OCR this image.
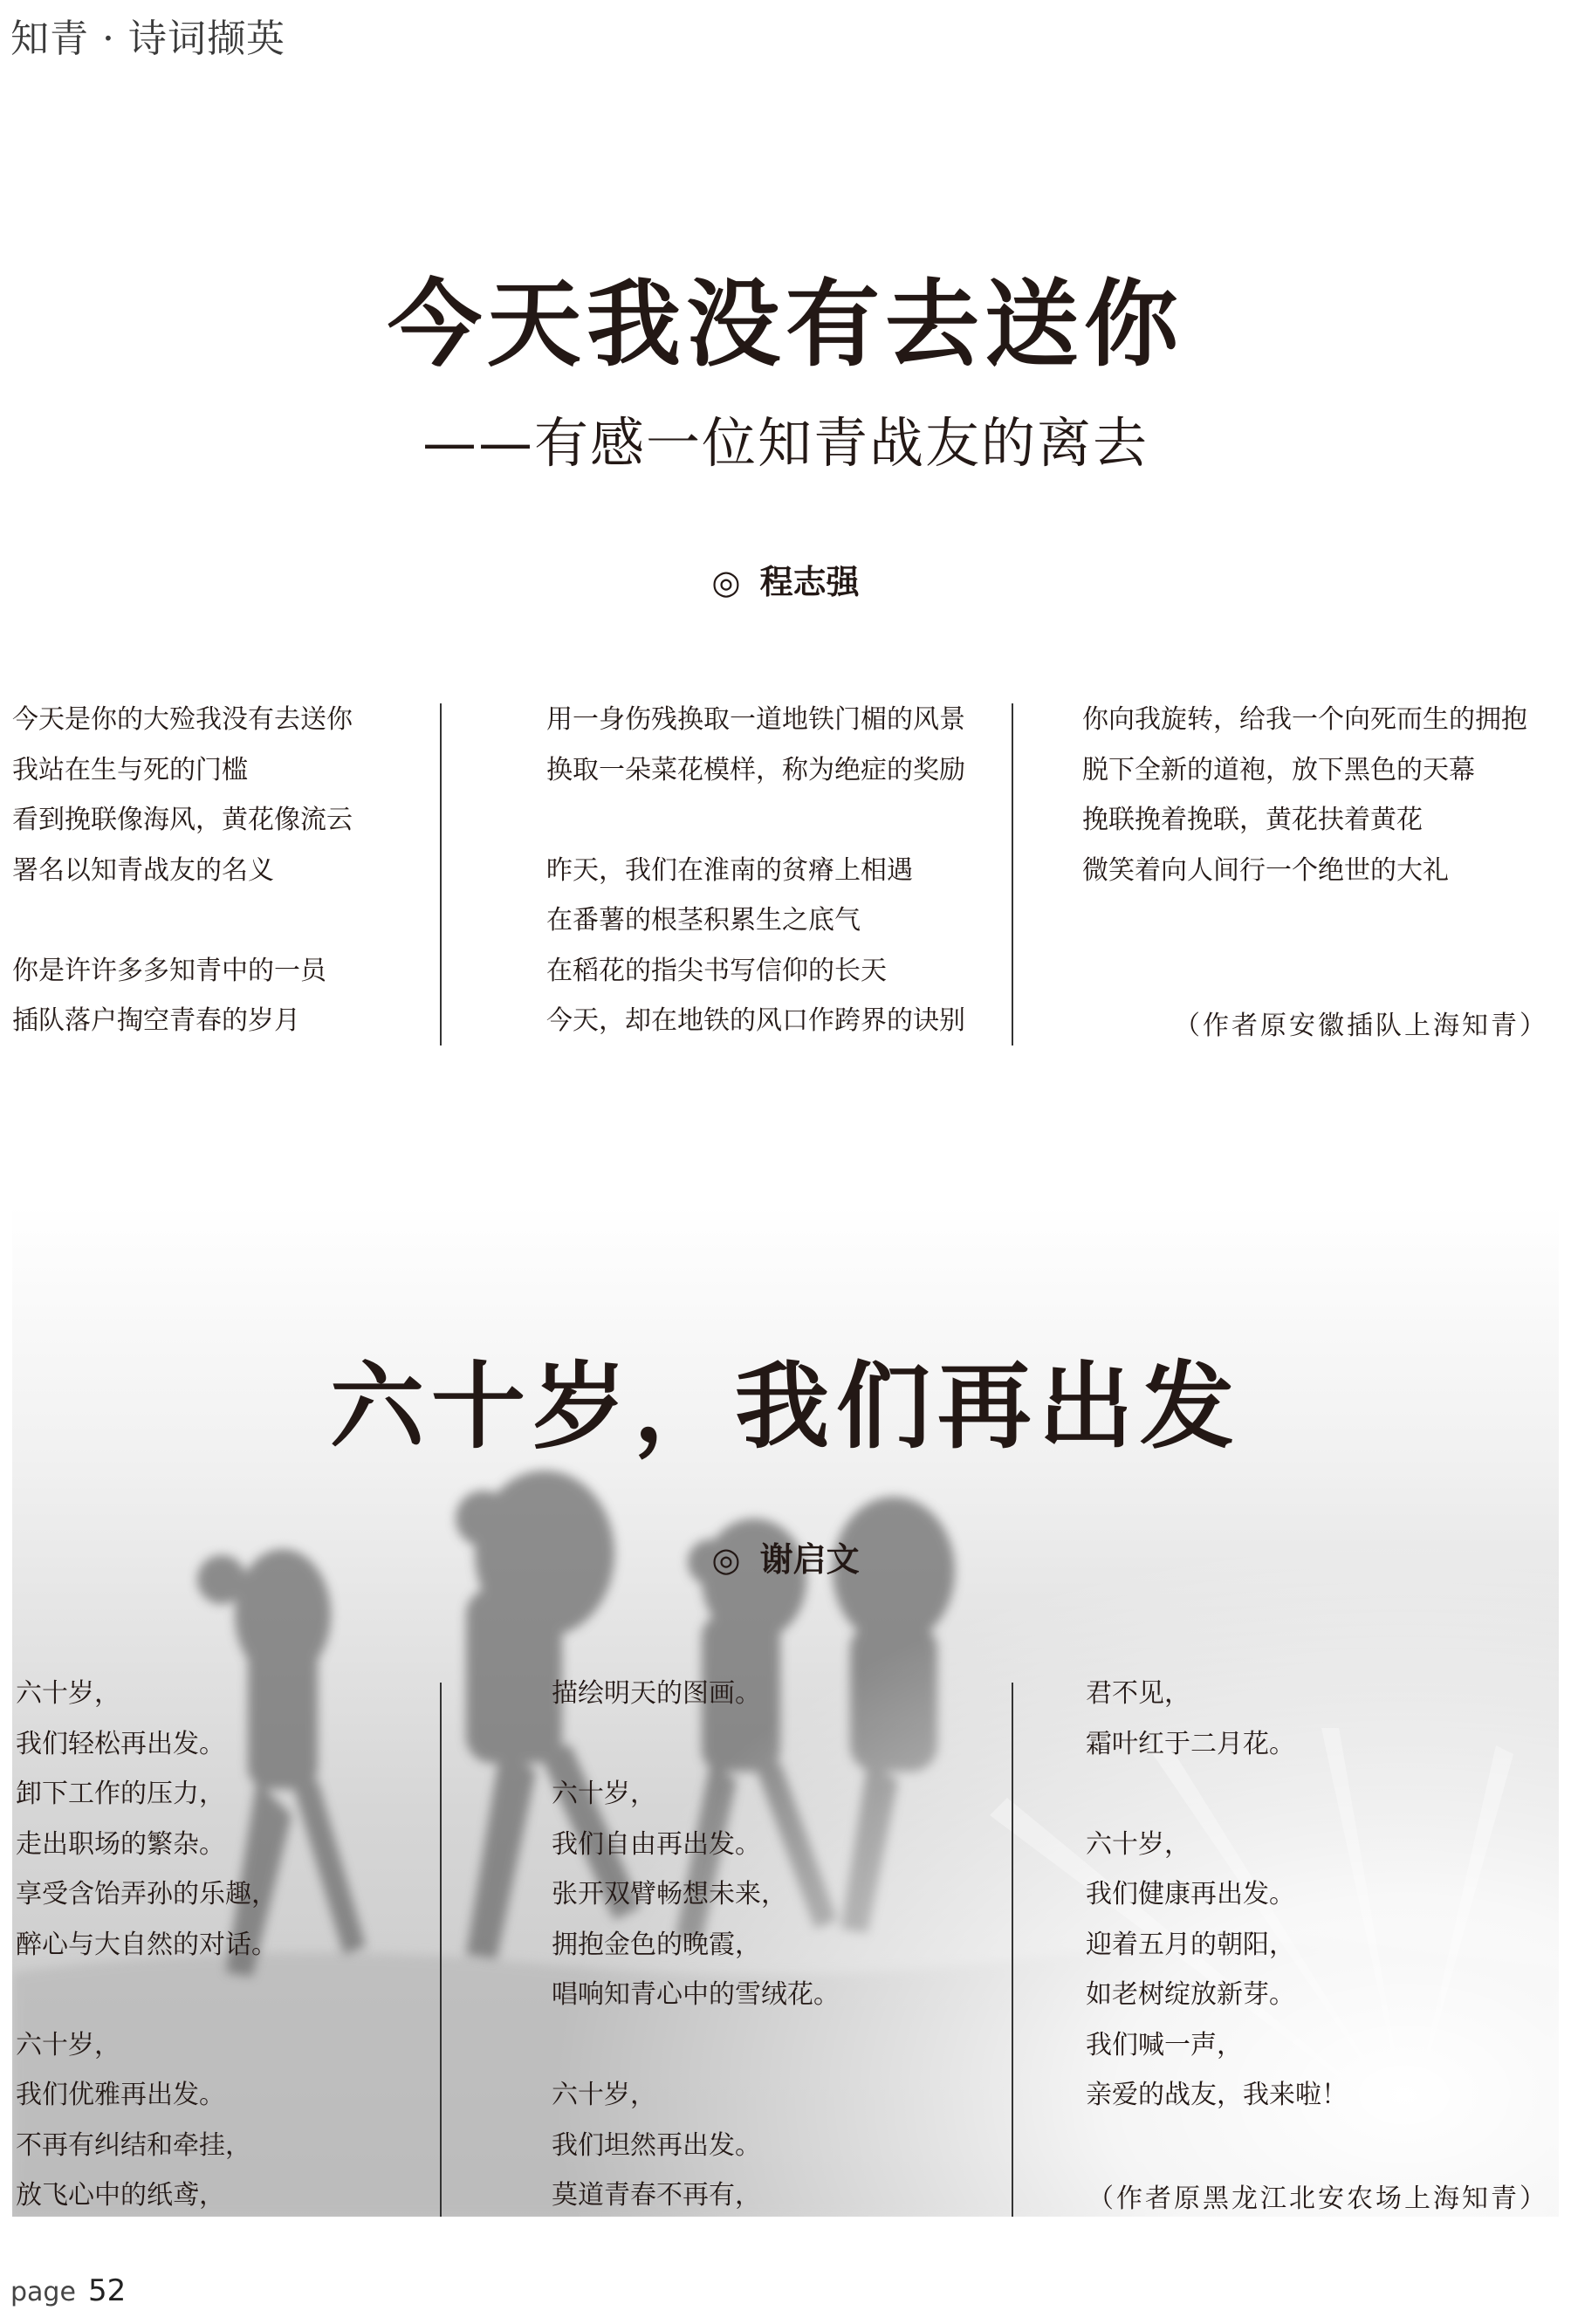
知青 · 诗词撷英
今天我没有去送你
——有感一位知青战友的离去
◎ 程志强
今天是你的大殓我没有去送你
我站在生与死的门槛
看到挽联像海风，黄花像流云
署名以知青战友的名义
你是许许多多知青中的一员
插队落户掏空青春的岁月
用一身伤残换取一道地铁门楣的风景
换取一朵菜花模样，称为绝症的奖励
昨天，我们在淮南的贫瘠上相遇
在番薯的根茎积累生之底气
在稻花的指尖书写信仰的长天
今天，却在地铁的风口作跨界的诀别
你向我旋转，给我一个向死而生的拥抱
脱下全新的道袍，放下黑色的天幕
挽联挽着挽联，黄花扶着黄花
微笑着向人间行一个绝世的大礼
（作者原安徽插队上海知青）
六十岁，我们再出发
◎ 谢启文
六十岁，
我们轻松再出发。
卸下工作的压力，
走出职场的繁杂。
享受含饴弄孙的乐趣，
醉心与大自然的对话。
六十岁，
我们优雅再出发。
不再有纠结和牵挂，
放飞心中的纸鸢，
描绘明天的图画。
六十岁，
我们自由再出发。
张开双臂畅想未来，
拥抱金色的晚霞，
唱响知青心中的雪绒花。
六十岁，
我们坦然再出发。
莫道青春不再有，
君不见，
霜叶红于二月花。
六十岁，
我们健康再出发。
迎着五月的朝阳，
如老树绽放新芽。
我们喊一声，
亲爱的战友，我来啦！
（作者原黑龙江北安农场上海知青）
page 52
